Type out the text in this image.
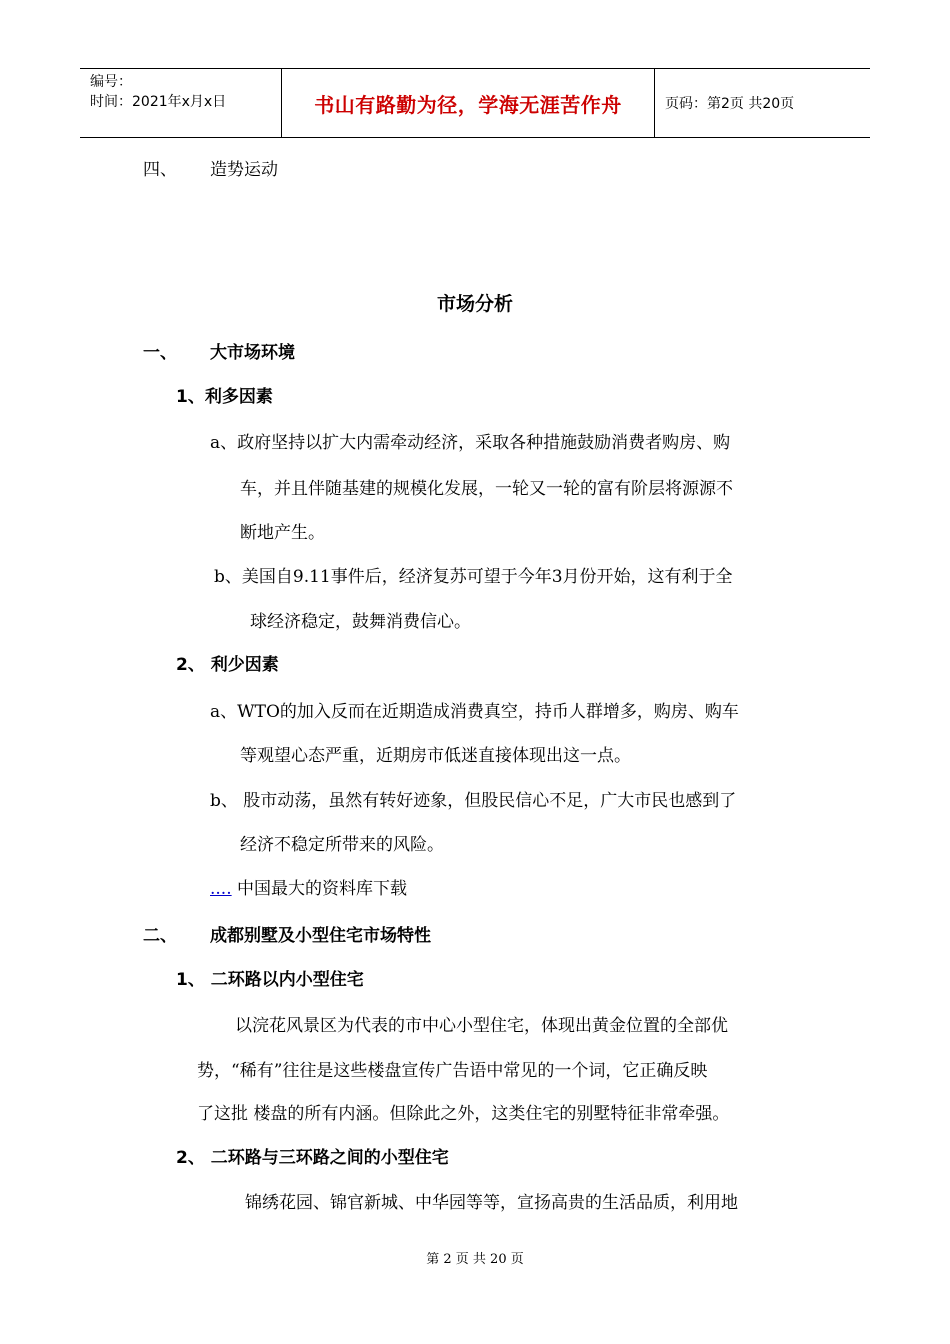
编号：
时间：2021年x月x日	书山有路勤为径，学海无涯苦作舟	页码：第2页 共20页
四、 造势运动
市场分析
一、 大市场环境
1、利多因素
a、政府坚持以扩大内需牵动经济，采取各种措施鼓励消费者购房、购
车，并且伴随基建的规模化发展，一轮又一轮的富有阶层将源源不
断地产生。
b、美国自9.11事件后，经济复苏可望于今年3月份开始，这有利于全
球经济稳定，鼓舞消费信心。
2、 利少因素
a、WTO的加入反而在近期造成消费真空，持币人群增多，购房、购车
等观望心态严重，近期房市低迷直接体现出这一点。
b、 股市动荡，虽然有转好迹象，但股民信心不足，广大市民也感到了
经济不稳定所带来的风险。
.... 中国最大的资料库下载
二、 成都别墅及小型住宅市场特性
1、 二环路以内小型住宅
以浣花风景区为代表的市中心小型住宅，体现出黄金位置的全部优
势，“稀有”往往是这些楼盘宣传广告语中常见的一个词，它正确反映
了这批 楼盘的所有内涵。但除此之外，这类住宅的别墅特征非常牵强。
2、 二环路与三环路之间的小型住宅
锦绣花园、锦官新城、中华园等等，宣扬高贵的生活品质，利用地
第 2 页 共 20 页
